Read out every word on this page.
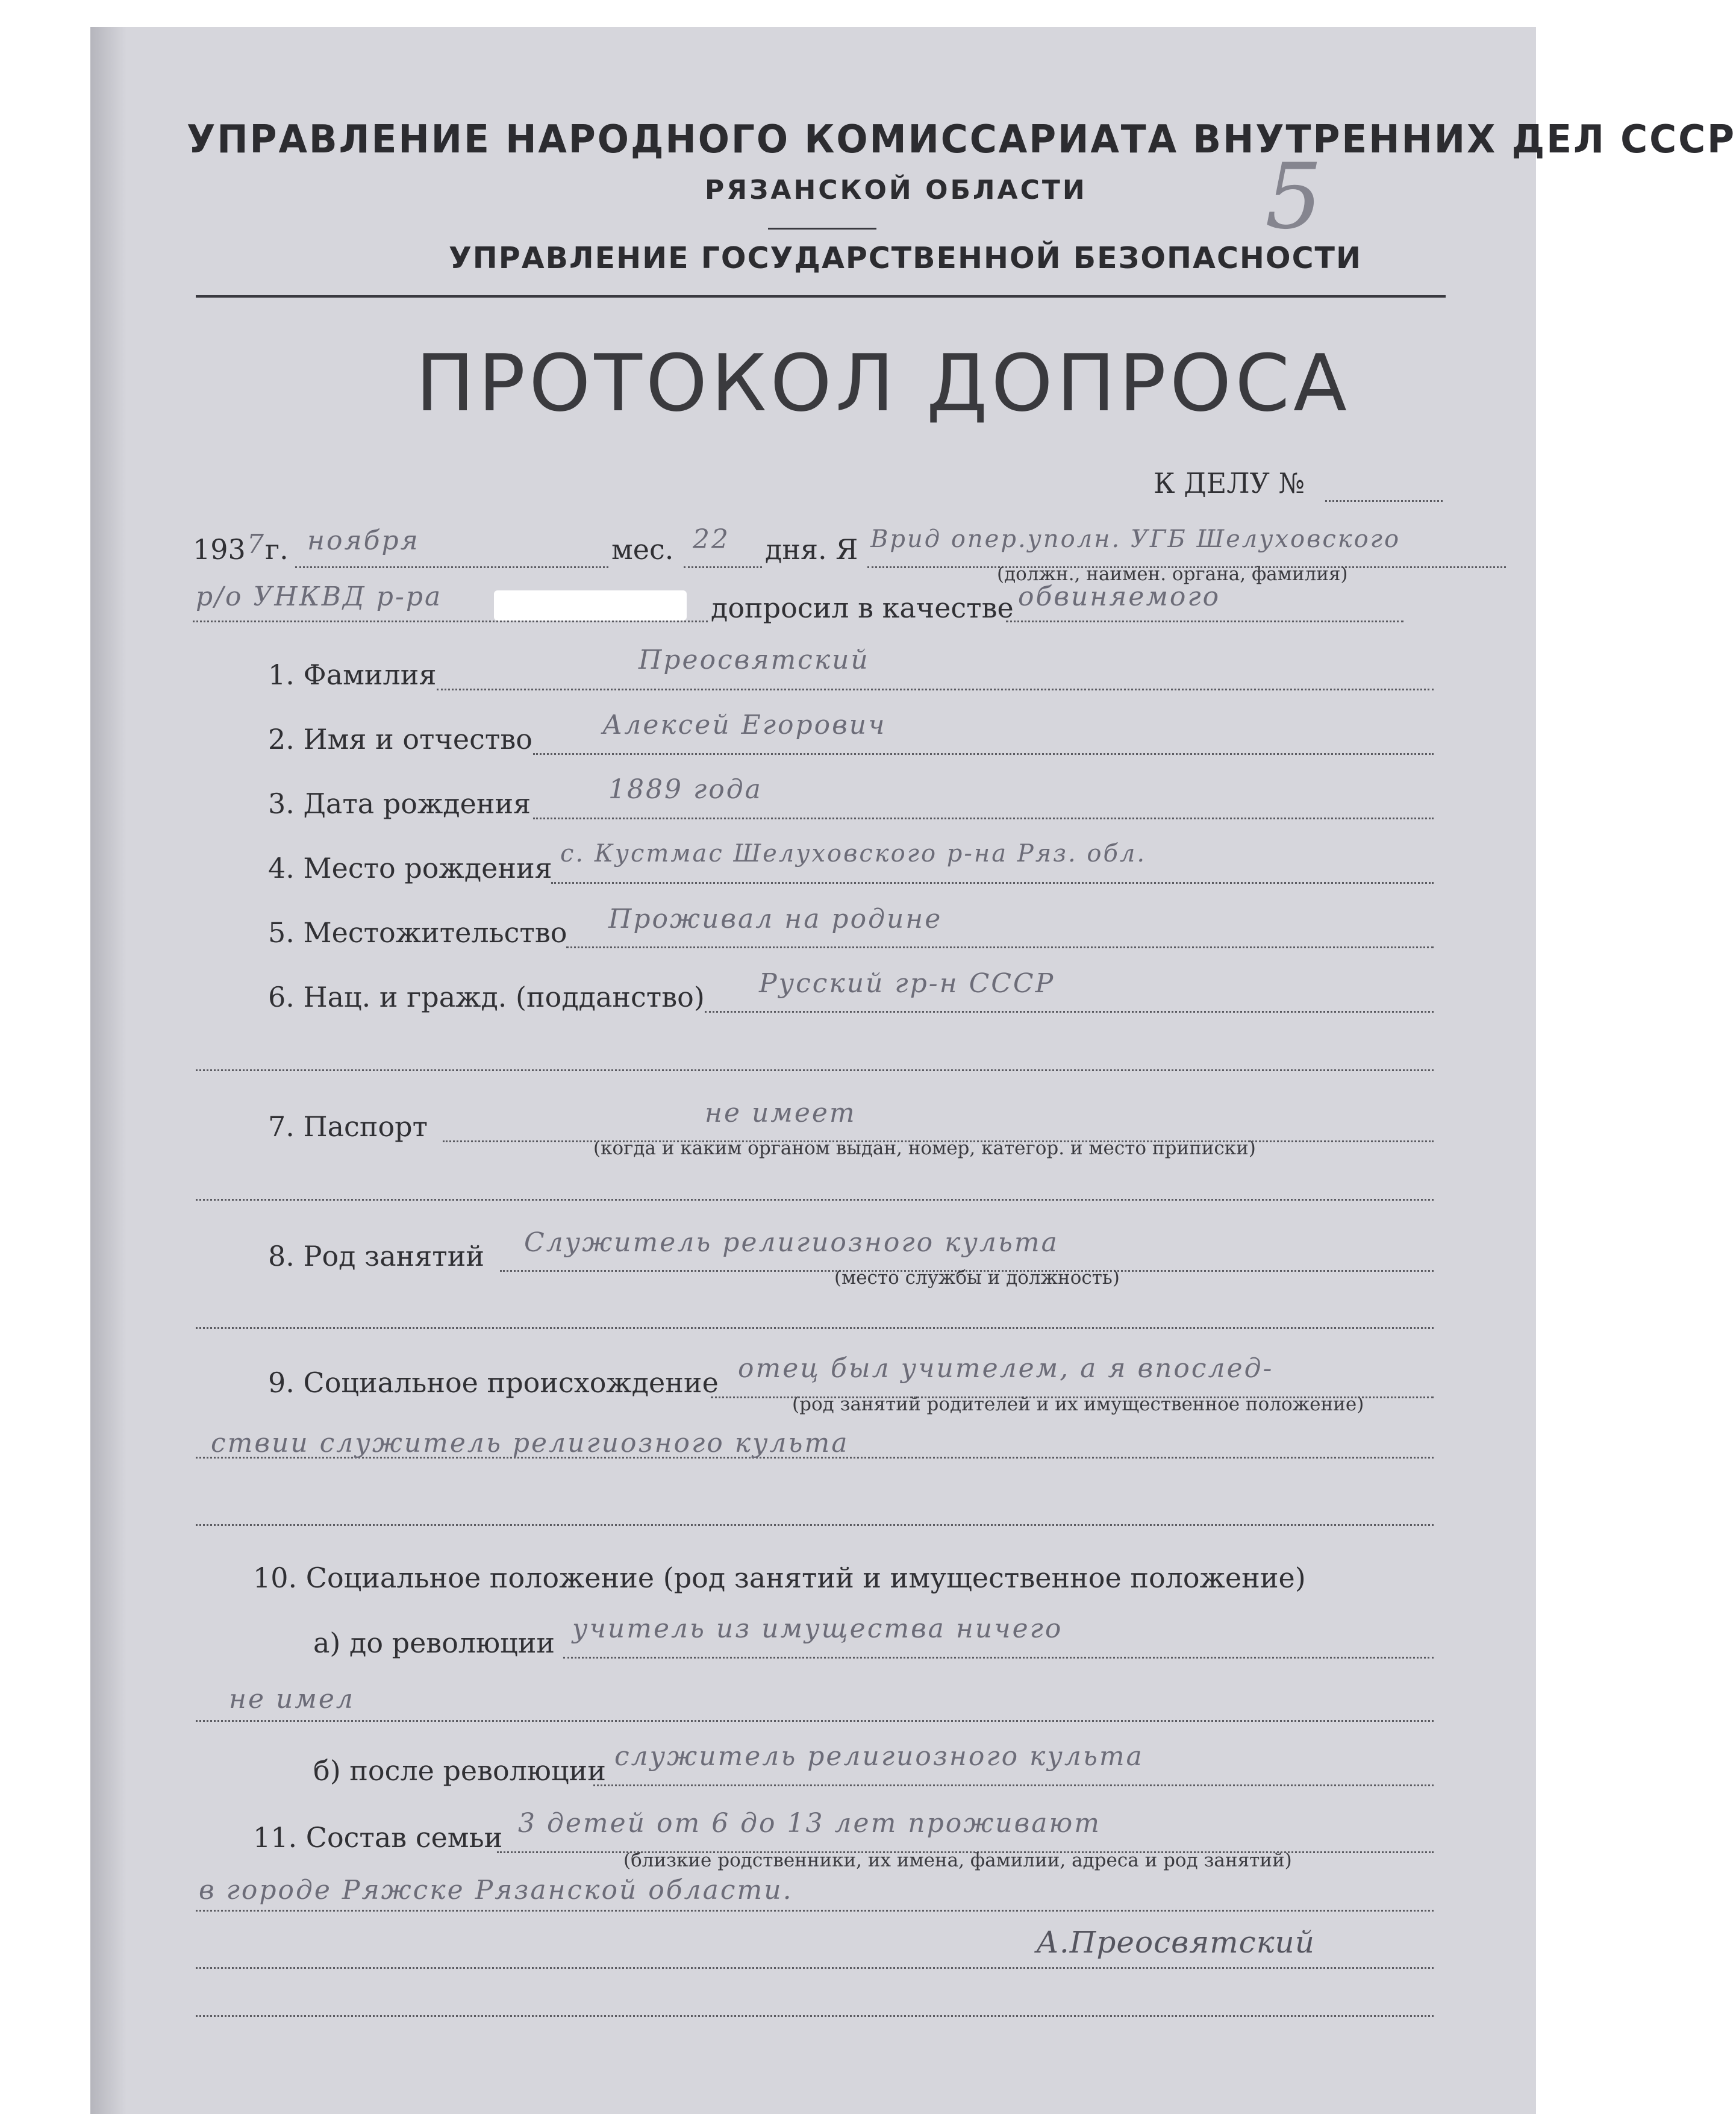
УПРАВЛЕНИЕ НАРОДНОГО КОМИССАРИАТА ВНУТРЕННИХ ДЕЛ СССР
РЯЗАНСКОЙ ОБЛАСТИ
УПРАВЛЕНИЕ ГОСУДАРСТВЕННОЙ БЕЗОПАСНОСТИ
5
ПРОТОКОЛ ДОПРОСА
К ДЕЛУ №
193 7 г. ноября	мес. 22 дня. Я Врид опер.уполн. УГБ Шелуховского
(должн., наимен. органа, фамилия)
р/о УНКВД р-ра	допросил в качестве обвиняемого
1. Фамилия	Преосвятский
2. Имя и отчество	Алексей Егорович
3. Дата рождения	1889 года
4. Место рождения с. Кустмас Шелуховского р-на Ряз. обл.
5. Местожительство Проживал на родине
6. Нац. и гражд. (подданство) Русский гр-н СССР
7. Паспорт	не имеет
(когда и каким органом выдан, номер, категор. и место приписки)
8. Род занятий Служитель религиозного культа
(место службы и должность)
9. Социальное происхождение отец был учителем, а я впослед-
(род занятий родителей и их имущественное положение)
ствии служитель религиозного культа
10. Социальное положение (род занятий и имущественное положение)
а) до революции учитель из имущества ничего
не имел
б) после революции служитель религиозного культа
11. Состав семьи 3 детей от 6 до 13 лет проживают
(близкие родственники, их имена, фамилии, адреса и род занятий)
в городе Ряжске Рязанской области.
А.Преосвятский
